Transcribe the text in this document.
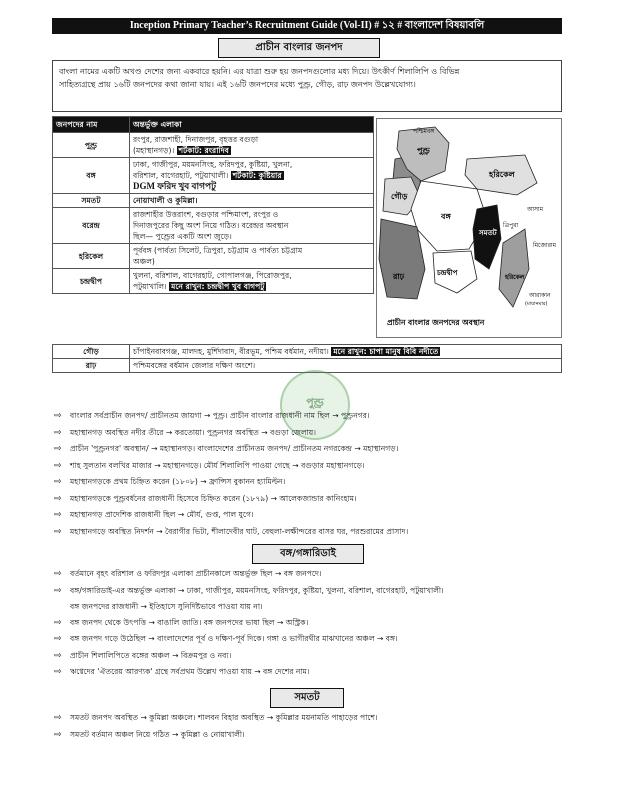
Inception Primary Teacher’s Recruitment Guide (Vol-II) # ১২ # বাংলাদেশ বিষয়াবলি
প্রাচীন বাংলার জনপদ
বাংলা নামের একটি অখণ্ড দেশের জন্য একবারে হয়নি। এর যাত্রা শুরু হয় জনপদগুলোর মধ্য দিয়ে। উৎকীর্ণ শিলালিপি ও বিভিন্ন
সাহিত্যগ্রন্থে প্রায় ১৬টি জনপদের কথা জানা যায়। এই ১৬টি জনপদের মধ্যে পুণ্ড্র, গৌড়, রাঢ় জনপদ উল্লেখযোগ্য।
জনপদের নাম	অন্তর্ভুক্ত এলাকা
পুণ্ড্র	রংপুর, রাজশাহী, দিনাজপুর, বৃহত্তর বগুড়া
(মহাস্থানগড়)। শর্টকাট: রংরাদিব

বঙ্গ	ঢাকা, গাজীপুর, ময়মনসিংহ, ফরিদপুর, কুষ্টিয়া, খুলনা,
বরিশাল, বাগেরহাট, পটুয়াখালী। শর্টকাট: কুষ্টিয়ার
DGM ফরিদ খুব বাগপটু

সমতট	নোয়াখালী ও কুমিল্লা।
বরেন্দ্র	রাজশাহীর উত্তরাংশ, বগুড়ার পশ্চিমাংশ, রংপুর ও
দিনাজপুরের কিছু অংশ নিয়ে গঠিত। বরেন্দ্রর অবস্থান
ছিল— পুণ্ড্রের একটি অংশ জুড়ে।

হরিকেল	পূর্ববঙ্গ (পার্বত্য সিলেট, ত্রিপুরা, চট্টগ্রাম ও পার্বত্য চট্টগ্রাম
অঞ্চল)

চন্দ্রদ্বীপ	খুলনা, বরিশাল, বাগেরহাট, গোপালগঞ্জ, পিরোজপুর,
পটুয়াখালি। মনে রাখুন: চন্দ্রদ্বীপ খুব বাগপটু
পশ্চিমবঙ্গ
পুণ্ড্র
গৌড়
হরিকেল
আসাম
বঙ্গ
সমতট
ত্রিপুরা
মিজোরাম
চন্দ্রদ্বীপ
রাঢ়	হরিকেল
আরাকান
(মায়ানমার)
প্রাচীন বাংলার জনপদের অবস্থান
গৌড়	চাঁপাইনবাবগঞ্জ, মালদহ, মুর্শিদাবাদ, বীরভূম, পশ্চিম বর্ধমান, নদীয়া। মনে রাখুন: চাপা মানুষ বিবি নদীতে
রাঢ়	পশ্চিমবঙ্গের বর্ধমান জেলার দক্ষিণ অংশে।
পুণ্ড্র
⇨ বাংলার সর্বপ্রাচীন জনপদ/ প্রাচীনতম জায়গা → পুণ্ড্র। প্রাচীন বাংলার রাজধানী নাম ছিল → পুণ্ড্রনগর।
⇨ মহাস্থানগড় অবস্থিত নদীর তীরে → করতোয়া। পুণ্ড্রনগর অবস্থিত → বগুড়া জেলায়।
⇨ প্রাচীন 'পুণ্ড্রনগর' অবস্থান/ → মহাস্থানগড়। বাংলাদেশের প্রাচীনতম জনপদ/ প্রাচীনতম নগরকেন্দ্র → মহাস্থানগড়।
⇨ শাহ সুলতান বলখির মাজার → মহাস্থানগড়ে। মৌর্য শিলালিপি পাওয়া গেছে → বগুড়ার মহাস্থানগড়ে।
⇨ মহাস্থানগড়কে প্রথম চিহ্নিত করেন (১৮০৮) → ফ্রান্সিস বুকানন হ্যামিল্টন।
⇨ মহাস্থানগড়কে পুণ্ড্রবর্ধনের রাজধানী হিসেবে চিহ্নিত করেন (১৮৭৯) → আলেকজান্ডার কানিংহাম।
⇨ মহাস্থানগড় প্রাদেশিক রাজধানী ছিল → মৌর্য, গুপ্ত, পাল যুগে।
⇨ মহাস্থানগড়ে অবস্থিত নিদর্শন → বৈরাগীর ভিটা, শীলাদেবীর ঘাট, বেহুলা-লক্ষীন্দরের বাসর ঘর, পরশুরামের প্রাসাদ।
বঙ্গ/গঙ্গারিডাই
⇨ বর্তমানে বৃহৎ বরিশাল ও ফরিদপুর এলাকা প্রাচীনকালে অন্তর্ভুক্ত ছিল → বঙ্গ জনপদে।
⇨ বঙ্গ/গঙ্গারিডাই-এর অন্তর্ভুক্ত এলাকা → ঢাকা, গাজীপুর, ময়মনসিংহ, ফরিদপুর, কুষ্টিয়া, খুলনা, বরিশাল, বাগেরহাট, পটুয়াখালী।
বঙ্গ জনপদের রাজধানী → ইতিহাসে সুনির্দিষ্টভাবে পাওয়া যায় না।
⇨ বঙ্গ জনপদ থেকে উৎপত্তি → বাঙালি জাতি। বঙ্গ জনপদের ভাষা ছিল → অস্ট্রিক।
⇨ বঙ্গ জনপদ গড়ে উঠেছিল → বাংলাদেশের পূর্ব ও দক্ষিণ-পূর্ব দিকে। গঙ্গা ও ভাগীরথীর মাঝখানের অঞ্চল → বঙ্গ।
⇨ প্রাচীন শিলালিপিতে বঙ্গের অঞ্চল → বিক্রমপুর ও নব্য।
⇨ ঋগ্বেদের 'ঐতরেয় আরণ্যক' গ্রন্থে সর্বপ্রথম উল্লেখ পাওয়া যায় → বঙ্গ দেশের নাম।
সমতট
⇨ সমতট জনপদ অবস্থিত → কুমিল্লা অঞ্চলে। শালবন বিহার অবস্থিত → কুমিল্লার ময়নামতি পাহাড়ের পাশে।
⇨ সমতট বর্তমান অঞ্চল নিয়ে গঠিত → কুমিল্লা ও নোয়াখালী।
